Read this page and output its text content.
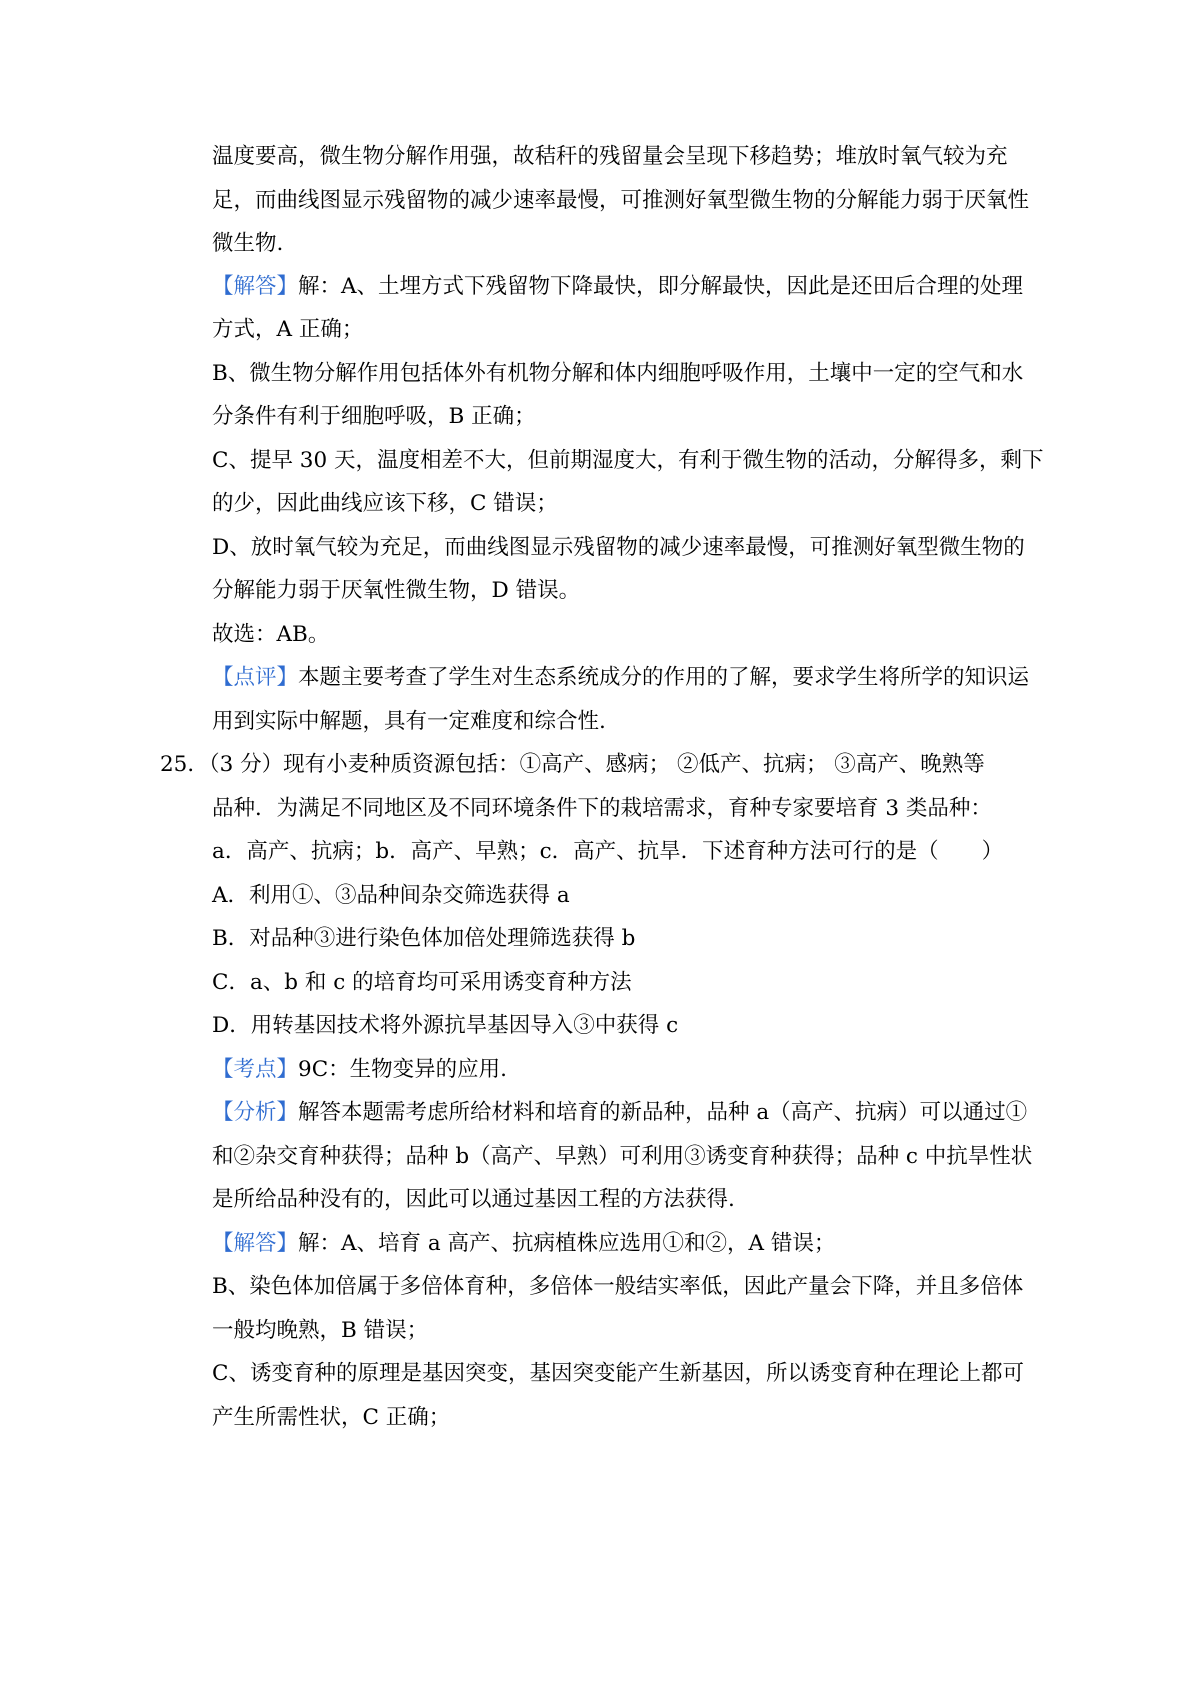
温度要高，微生物分解作用强，故秸秆的残留量会呈现下移趋势；堆放时氧气较为充
足，而曲线图显示残留物的减少速率最慢，可推测好氧型微生物的分解能力弱于厌氧性
微生物.
【解答】解：A、土埋方式下残留物下降最快，即分解最快，因此是还田后合理的处理
方式，A 正确；
B、微生物分解作用包括体外有机物分解和体内细胞呼吸作用，土壤中一定的空气和水
分条件有利于细胞呼吸，B 正确；
C、提早 30 天，温度相差不大，但前期湿度大，有利于微生物的活动，分解得多，剩下
的少，因此曲线应该下移，C 错误；
D、放时氧气较为充足，而曲线图显示残留物的减少速率最慢，可推测好氧型微生物的
分解能力弱于厌氧性微生物，D 错误。
故选：AB。
【点评】本题主要考查了学生对生态系统成分的作用的了解，要求学生将所学的知识运
用到实际中解题，具有一定难度和综合性.
25．（3 分）现有小麦种质资源包括：①高产、感病； ②低产、抗病； ③高产、晚熟等
品种．为满足不同地区及不同环境条件下的栽培需求，育种专家要培育 3 类品种：
a．高产、抗病；b．高产、早熟；c．高产、抗旱．下述育种方法可行的是（　　）
A．利用①、③品种间杂交筛选获得 a
B．对品种③进行染色体加倍处理筛选获得 b
C．a、b 和 c 的培育均可采用诱变育种方法
D．用转基因技术将外源抗旱基因导入③中获得 c
【考点】9C：生物变异的应用.
【分析】解答本题需考虑所给材料和培育的新品种，品种 a（高产、抗病）可以通过①
和②杂交育种获得；品种 b（高产、早熟）可利用③诱变育种获得；品种 c 中抗旱性状
是所给品种没有的，因此可以通过基因工程的方法获得.
【解答】解：A、培育 a 高产、抗病植株应选用①和②，A 错误；
B、染色体加倍属于多倍体育种，多倍体一般结实率低，因此产量会下降，并且多倍体
一般均晚熟，B 错误；
C、诱变育种的原理是基因突变，基因突变能产生新基因，所以诱变育种在理论上都可
产生所需性状，C 正确；
